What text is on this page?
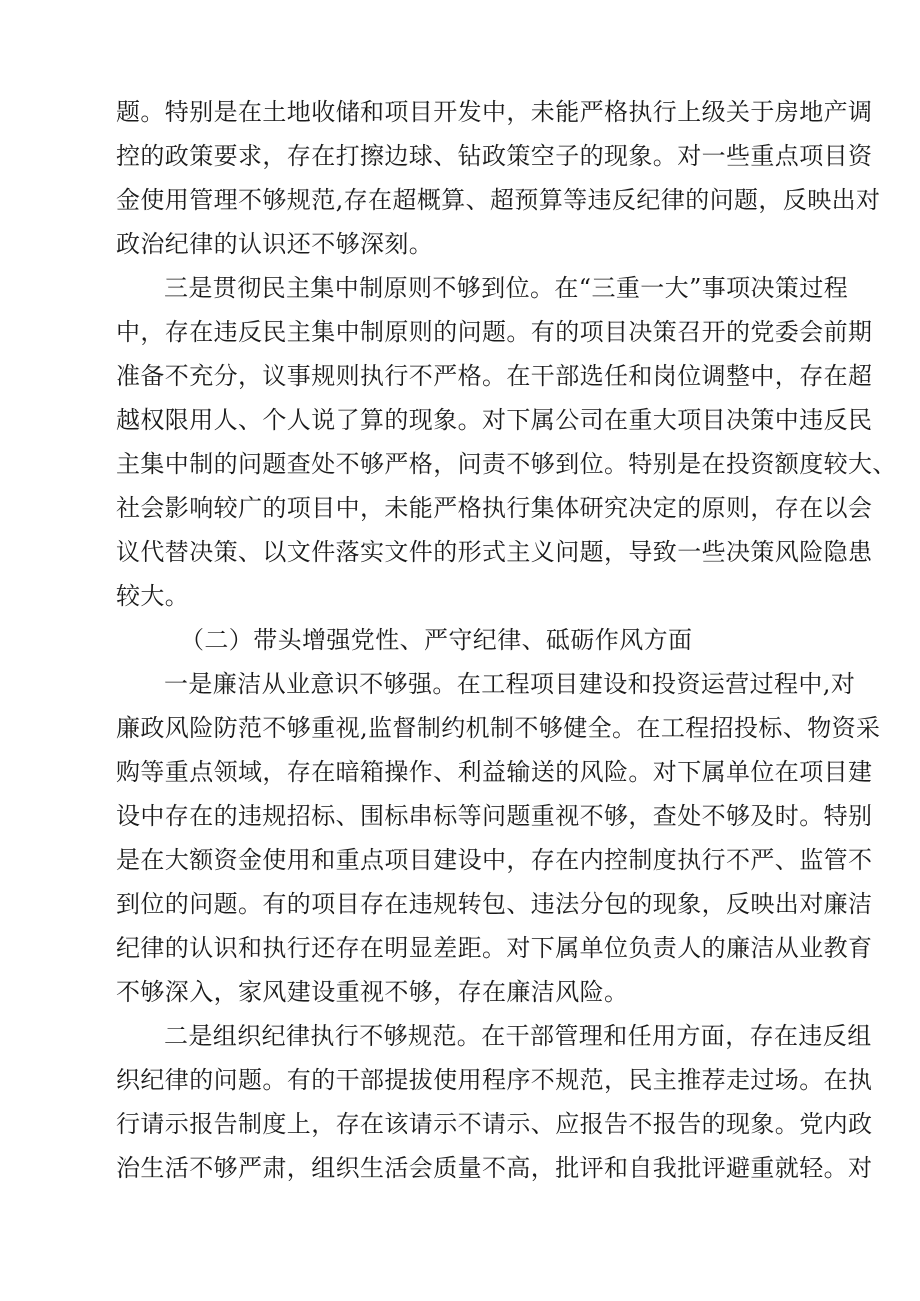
题。特别是在土地收储和项目开发中，未能严格执行上级关于房地产调
控的政策要求，存在打擦边球、钻政策空子的现象。对一些重点项目资
金使用管理不够规范,存在超概算、超预算等违反纪律的问题，反映出对
政治纪律的认识还不够深刻。
三是贯彻民主集中制原则不够到位。在“三重一大”事项决策过程
中，存在违反民主集中制原则的问题。有的项目决策召开的党委会前期
准备不充分，议事规则执行不严格。在干部选任和岗位调整中，存在超
越权限用人、个人说了算的现象。对下属公司在重大项目决策中违反民
主集中制的问题查处不够严格，问责不够到位。特别是在投资额度较大、
社会影响较广的项目中，未能严格执行集体研究决定的原则，存在以会
议代替决策、以文件落实文件的形式主义问题，导致一些决策风险隐患
较大。
（二）带头增强党性、严守纪律、砥砺作风方面
一是廉洁从业意识不够强。在工程项目建设和投资运营过程中,对
廉政风险防范不够重视,监督制约机制不够健全。在工程招投标、物资采
购等重点领域，存在暗箱操作、利益输送的风险。对下属单位在项目建
设中存在的违规招标、围标串标等问题重视不够，查处不够及时。特别
是在大额资金使用和重点项目建设中，存在内控制度执行不严、监管不
到位的问题。有的项目存在违规转包、违法分包的现象，反映出对廉洁
纪律的认识和执行还存在明显差距。对下属单位负责人的廉洁从业教育
不够深入，家风建设重视不够，存在廉洁风险。
二是组织纪律执行不够规范。在干部管理和任用方面，存在违反组
织纪律的问题。有的干部提拔使用程序不规范，民主推荐走过场。在执
行请示报告制度上，存在该请示不请示、应报告不报告的现象。党内政
治生活不够严肃，组织生活会质量不高，批评和自我批评避重就轻。对
